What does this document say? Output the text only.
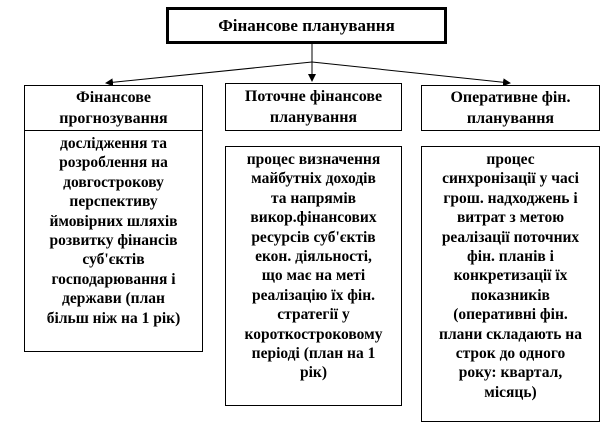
Фінансове планування
Фінансове
прогнозування
дослідження та
розроблення на
довгострокову
перспективу
ймовірних шляхів
розвитку фінансів
суб'єктів
господарювання і
держави (план
більш ніж на 1 рік)
Поточне фінансове
планування
процес визначення
майбутніх доходів
та напрямів
викор.фінансових
ресурсів суб'єктів
екон. діяльності,
що має на меті
реалізацію їх фін.
стратегії у
короткостроковому
періоді (план на 1
рік)
Оперативне фін.
планування
процес
синхронізації у часі
грош. надходжень і
витрат з метою
реалізації поточних
фін. планів і
конкретизації їх
показників
(оперативні фін.
плани складають на
строк до одного
року: квартал,
місяць)
